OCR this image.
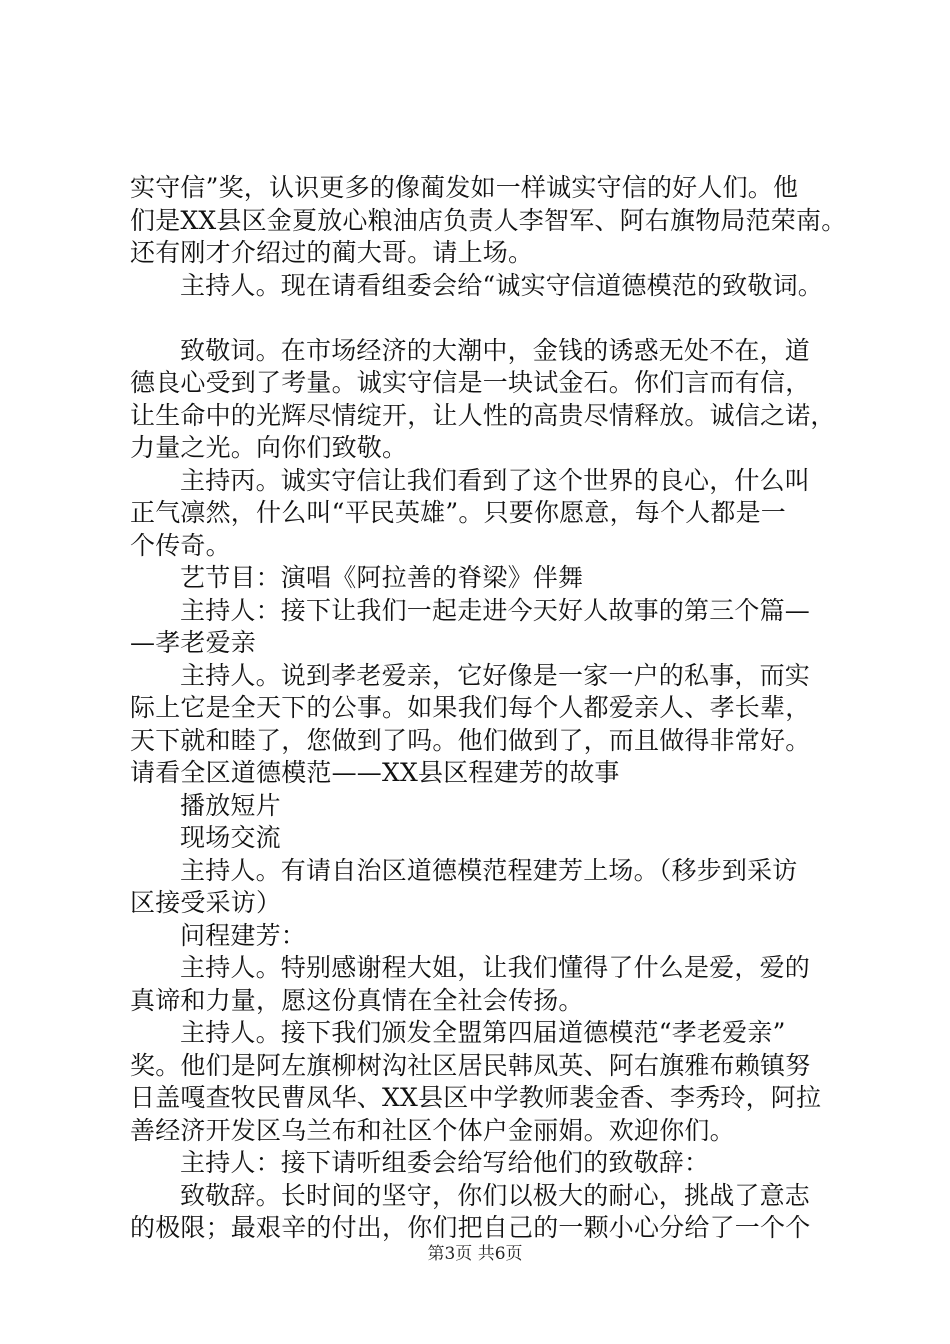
实守信”奖，认识更多的像蔺发如一样诚实守信的好人们。他
们是XX县区金夏放心粮油店负责人李智军、阿右旗物局范荣南。
还有刚才介绍过的蔺大哥。请上场。
主持人。现在请看组委会给“诚实守信道德模范的致敬词。
致敬词。在市场经济的大潮中，金钱的诱惑无处不在，道
德良心受到了考量。诚实守信是一块试金石。你们言而有信，
让生命中的光辉尽情绽开，让人性的高贵尽情释放。诚信之诺，
力量之光。向你们致敬。
主持丙。诚实守信让我们看到了这个世界的良心，什么叫
正气凛然，什么叫“平民英雄”。只要你愿意，每个人都是一
个传奇。
艺节目：演唱《阿拉善的脊梁》伴舞
主持人：接下让我们一起走进今天好人故事的第三个篇—
—孝老爱亲
主持人。说到孝老爱亲，它好像是一家一户的私事，而实
际上它是全天下的公事。如果我们每个人都爱亲人、孝长辈，
天下就和睦了，您做到了吗。他们做到了，而且做得非常好。
请看全区道德模范——XX县区程建芳的故事
播放短片
现场交流
主持人。有请自治区道德模范程建芳上场。（移步到采访
区接受采访）
问程建芳：
主持人。特别感谢程大姐，让我们懂得了什么是爱，爱的
真谛和力量，愿这份真情在全社会传扬。
主持人。接下我们颁发全盟第四届道德模范“孝老爱亲”
奖。他们是阿左旗柳树沟社区居民韩凤英、阿右旗雅布赖镇努
日盖嘎查牧民曹凤华、XX县区中学教师裴金香、李秀玲，阿拉
善经济开发区乌兰布和社区个体户金丽娟。欢迎你们。
主持人：接下请听组委会给写给他们的致敬辞：
致敬辞。长时间的坚守，你们以极大的耐心，挑战了意志
的极限；最艰辛的付出，你们把自己的一颗小心分给了一个个
第3页 共6页
